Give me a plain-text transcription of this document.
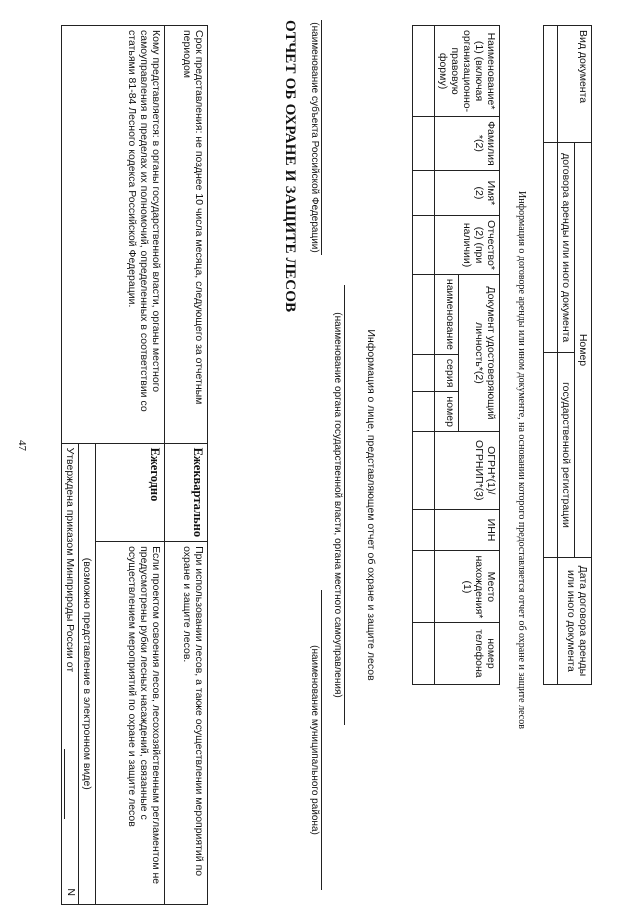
47
Срок представления: не позднее 10 числа месяца, следующего за отчетным периодом	Ежеквартально	При использовании лесов, а также осуществлении мероприятий по охране и защите лесов.
Кому представляется: в органы государственной власти, органы местного самоуправления в пределах их полномочий, определенных в соответствии со статьями 81-84 Лесного кодекса Российской Федерации.	Ежегодно	Если проектом освоения лесов, лесохозяйственным регламентом не предусмотрены рубки лесных насаждений, связанные с осуществлением мероприятий по охране и защите лесов
	(возможно представление в электронном виде)	
	Утверждена приказом Минприроды России от
N	
ОТЧЕТ ОБ ОХРАНЕ И ЗАЩИТЕ ЛЕСОВ (наименование субъекта Российской Федерации)
(наименование муниципального района)
(наименование органа государственной власти, органа местного самоуправления) Информация о лице, представляющем отчет об охране и защите лесов
Наименование*(1) (включая организационно-правовую форму)	Фамилия *(2)	Имя*(2)	Отчество*(2) (при наличии)	Документ удостоверяющий личность*(2)			ОГРН*(1)/ОГРНИП*(3)	ИНН	Место нахождения*(1)	номер телефона	
				наименование	серия	номер					
											Информация о договоре аренды или ином документе, на основании которого предоставляется отчет об охране и защите лесов
Вид документа	Номер		Дата договора аренды или иного документа
	договора аренды или иного документа	государственной регистрации	
